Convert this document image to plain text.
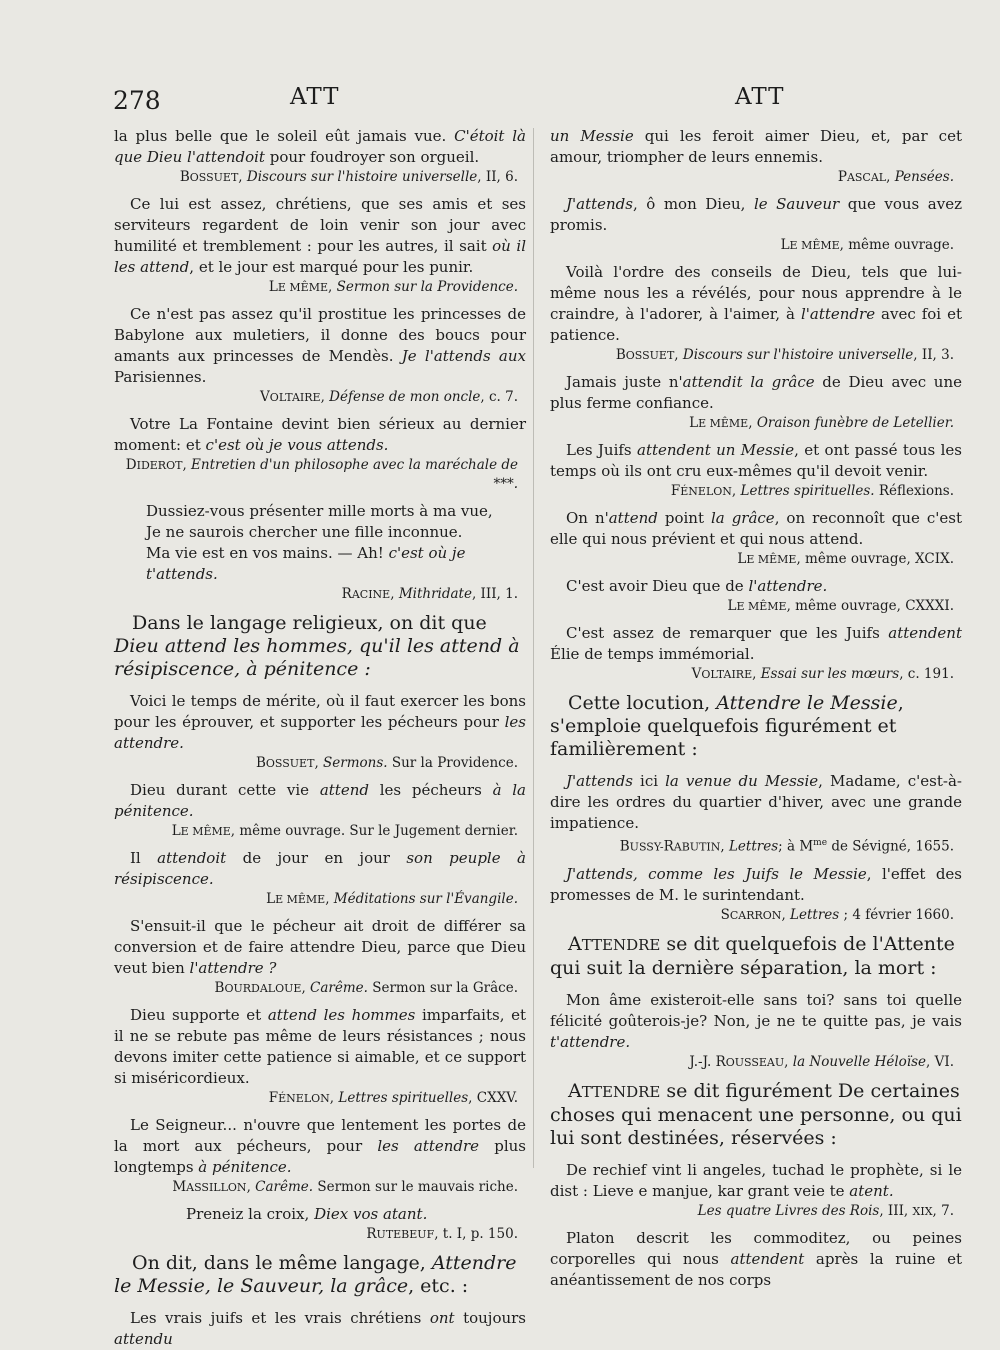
278	ATT	ATT

la plus belle que le soleil eût jamais vue. C'étoit là que Dieu l'attendoit pour foudroyer son orgueil.

BOSSUET, Discours sur l'histoire universelle, II, 6.

Ce lui est assez, chrétiens, que ses amis et ses serviteurs regardent de loin venir son jour avec humilité et tremblement : pour les autres, il sait où il les attend, et le jour est marqué pour les punir.

LE MÊME, Sermon sur la Providence.

Ce n'est pas assez qu'il prostitue les princesses de Babylone aux muletiers, il donne des boucs pour amants aux princesses de Mendès. Je l'attends aux Parisiennes.

VOLTAIRE, Défense de mon oncle, c. 7.

Votre La Fontaine devint bien sérieux au dernier moment: et c'est où je vous attends.

DIDEROT, Entretien d'un philosophe avec la maréchale de ***.

Dussiez-vous présenter mille morts à ma vue,

Je ne saurois chercher une fille inconnue.

Ma vie est en vos mains. — Ah! c'est où je t'attends.

RACINE, Mithridate, III, 1.

Dans le langage religieux, on dit que Dieu attend les hommes, qu'il les attend à résipiscence, à pénitence :

Voici le temps de mérite, où il faut exercer les bons pour les éprouver, et supporter les pécheurs pour les attendre.

BOSSUET, Sermons. Sur la Providence.

Dieu durant cette vie attend les pécheurs à la pénitence.

LE MÊME, même ouvrage. Sur le Jugement dernier.

Il attendoit de jour en jour son peuple à résipiscence.

LE MÊME, Méditations sur l'Évangile.

S'ensuit-il que le pécheur ait droit de différer sa conversion et de faire attendre Dieu, parce que Dieu veut bien l'attendre ?

BOURDALOUE, Carême. Sermon sur la Grâce.

Dieu supporte et attend les hommes imparfaits, et il ne se rebute pas même de leurs résistances ; nous devons imiter cette patience si aimable, et ce support si miséricordieux.

FÉNELON, Lettres spirituelles, CXXV.

Le Seigneur... n'ouvre que lentement les portes de la mort aux pécheurs, pour les attendre plus longtemps à pénitence.

MASSILLON, Carême. Sermon sur le mauvais riche.

Preneiz la croix, Diex vos atant.

RUTEBEUF, t. I, p. 150.

On dit, dans le même langage, Attendre le Messie, le Sauveur, la grâce, etc. :

Les vrais juifs et les vrais chrétiens ont toujours attendu

un Messie qui les feroit aimer Dieu, et, par cet amour, triompher de leurs ennemis.

PASCAL, Pensées.

J'attends, ô mon Dieu, le Sauveur que vous avez promis.

LE MÊME, même ouvrage.

Voilà l'ordre des conseils de Dieu, tels que lui-même nous les a révélés, pour nous apprendre à le craindre, à l'adorer, à l'aimer, à l'attendre avec foi et patience.

BOSSUET, Discours sur l'histoire universelle, II, 3.

Jamais juste n'attendit la grâce de Dieu avec une plus ferme confiance.

LE MÊME, Oraison funèbre de Letellier.

Les Juifs attendent un Messie, et ont passé tous les temps où ils ont cru eux-mêmes qu'il devoit venir.

FÉNELON, Lettres spirituelles. Réflexions.

On n'attend point la grâce, on reconnoît que c'est elle qui nous prévient et qui nous attend.

LE MÊME, même ouvrage, XCIX.

C'est avoir Dieu que de l'attendre.

LE MÊME, même ouvrage, CXXXI.

C'est assez de remarquer que les Juifs attendent Élie de temps immémorial.

VOLTAIRE, Essai sur les mœurs, c. 191.

Cette locution, Attendre le Messie, s'emploie quelquefois figurément et familièrement :

J'attends ici la venue du Messie, Madame, c'est-à-dire les ordres du quartier d'hiver, avec une grande impatience.

BUSSY-RABUTIN, Lettres; à $M^{me}$ de Sévigné, 1655.

J'attends, comme les Juifs le Messie, l'effet des promesses de M. le surintendant.

SCARRON, Lettres ; 4 février 1660.

ATTENDRE se dit quelquefois de l'Attente qui suit la dernière séparation, la mort :

Mon âme existeroit-elle sans toi? sans toi quelle félicité goûterois-je? Non, je ne te quitte pas, je vais t'attendre.

J.-J. ROUSSEAU, la Nouvelle Héloïse, VI.

ATTENDRE se dit figurément De certaines choses qui menacent une personne, ou qui lui sont destinées, réservées :

De rechief vint li angeles, tuchad le prophète, si le dist : Lieve e manjue, kar grant veie te atent.

Les quatre Livres des Rois, III, XIX, 7.

Platon descrit les commoditez, ou peines corporelles qui nous attendent après la ruine et anéantissement de nos corps
